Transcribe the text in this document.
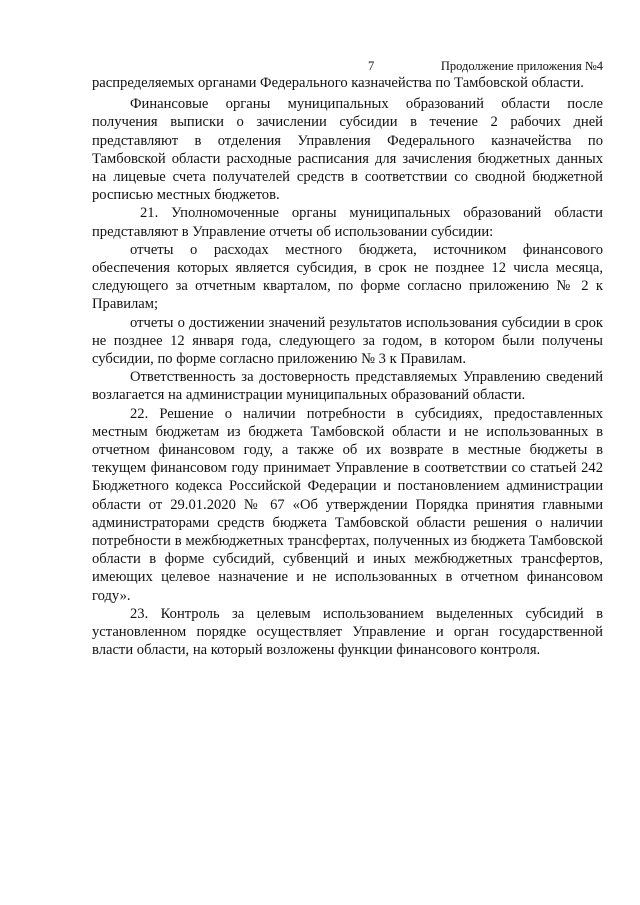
7	Продолжение приложения №4

распределяемых органами Федерального казначейства по Тамбовской области.

Финансовые органы муниципальных образований области после получения выписки о зачислении субсидии в течение 2 рабочих дней представляют в отделения Управления Федерального казначейства по Тамбовской области расходные расписания для зачисления бюджетных данных на лицевые счета получателей средств в соответствии со сводной бюджетной росписью местных бюджетов.

21. Уполномоченные органы муниципальных образований области представляют в Управление отчеты об использовании субсидии:

отчеты о расходах местного бюджета, источником финансового обеспечения которых является субсидия, в срок не позднее 12 числа месяца, следующего за отчетным кварталом, по форме согласно приложению № 2 к Правилам;

отчеты о достижении значений результатов использования субсидии в срок не позднее 12 января года, следующего за годом, в котором были получены субсидии, по форме согласно приложению № 3 к Правилам.

Ответственность за достоверность представляемых Управлению сведений возлагается на администрации муниципальных образований области.

22. Решение о наличии потребности в субсидиях, предоставленных местным бюджетам из бюджета Тамбовской области и не использованных в отчетном финансовом году, а также об их возврате в местные бюджеты в текущем финансовом году принимает Управление в соответствии со статьей 242 Бюджетного кодекса Российской Федерации и постановлением администрации области от 29.01.2020 № 67 «Об утверждении Порядка принятия главными администраторами средств бюджета Тамбовской области решения о наличии потребности в межбюджетных трансфертах, полученных из бюджета Тамбовской области в форме субсидий, субвенций и иных межбюджетных трансфертов, имеющих целевое назначение и не использованных в отчетном финансовом году».

23. Контроль за целевым использованием выделенных субсидий в установленном порядке осуществляет Управление и орган государственной власти области, на который возложены функции финансового контроля.
